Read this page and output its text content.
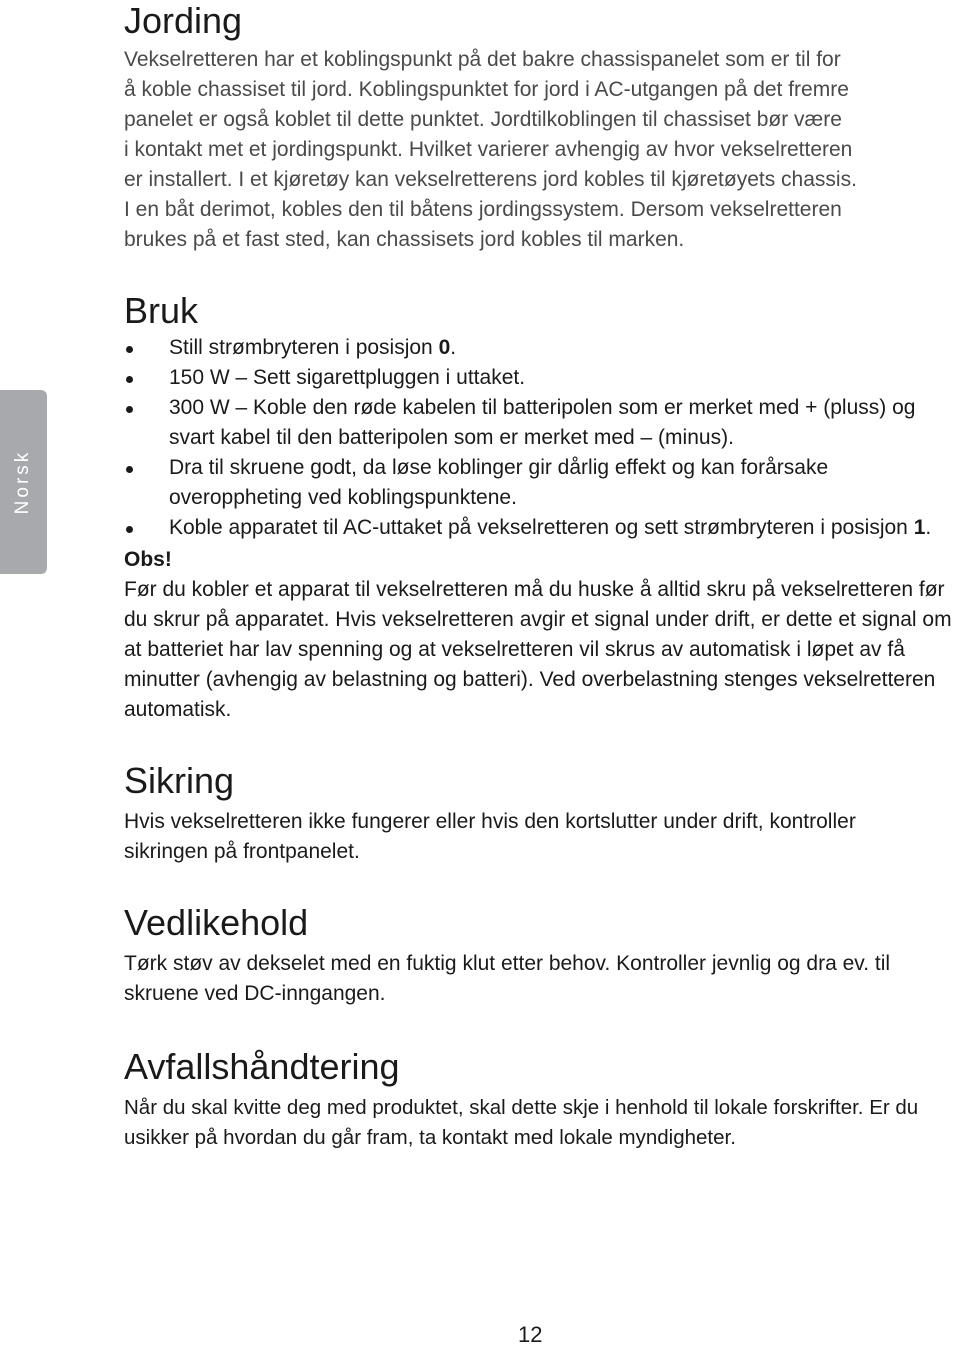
Norsk
Jording

Vekselretteren har et koblingspunkt på det bakre chassispanelet som er til for

å koble chassiset til jord. Koblingspunktet for jord i AC-utgangen på det fremre

panelet er også koblet til dette punktet. Jordtilkoblingen til chassiset bør være

i kontakt met et jordingspunkt. Hvilket varierer avhengig av hvor vekselretteren

er installert. I et kjøretøy kan vekselretterens jord kobles til kjøretøyets chassis.

I en båt derimot, kobles den til båtens jordingssystem. Dersom vekselretteren

brukes på et fast sted, kan chassisets jord kobles til marken.

Bruk
Still strømbryteren i posisjon 0.
150 W – Sett sigarettpluggen i uttaket.
300 W – Koble den røde kabelen til batteripolen som er merket med + (pluss) og svart kabel til den batteripolen som er merket med – (minus).
Dra til skruene godt, da løse koblinger gir dårlig effekt og kan forårsake overoppheting ved koblingspunktene.
Koble apparatet til AC-uttaket på vekselretteren og sett strømbryteren i posisjon 1.
Obs!

Før du kobler et apparat til vekselretteren må du huske å alltid skru på vekselretteren før du skrur på apparatet. Hvis vekselretteren avgir et signal under drift, er dette et signal om at batteriet har lav spenning og at vekselretteren vil skrus av automatisk i løpet av få minutter (avhengig av belastning og batteri). Ved overbelastning stenges vekselretteren automatisk.

Sikring

Hvis vekselretteren ikke fungerer eller hvis den kortslutter under drift, kontroller sikringen på frontpanelet.

Vedlikehold

Tørk støv av dekselet med en fuktig klut etter behov. Kontroller jevnlig og dra ev. til skruene ved DC-inngangen.

Avfallshåndtering

Når du skal kvitte deg med produktet, skal dette skje i henhold til lokale forskrifter. Er du usikker på hvordan du går fram, ta kontakt med lokale myndigheter.

12
